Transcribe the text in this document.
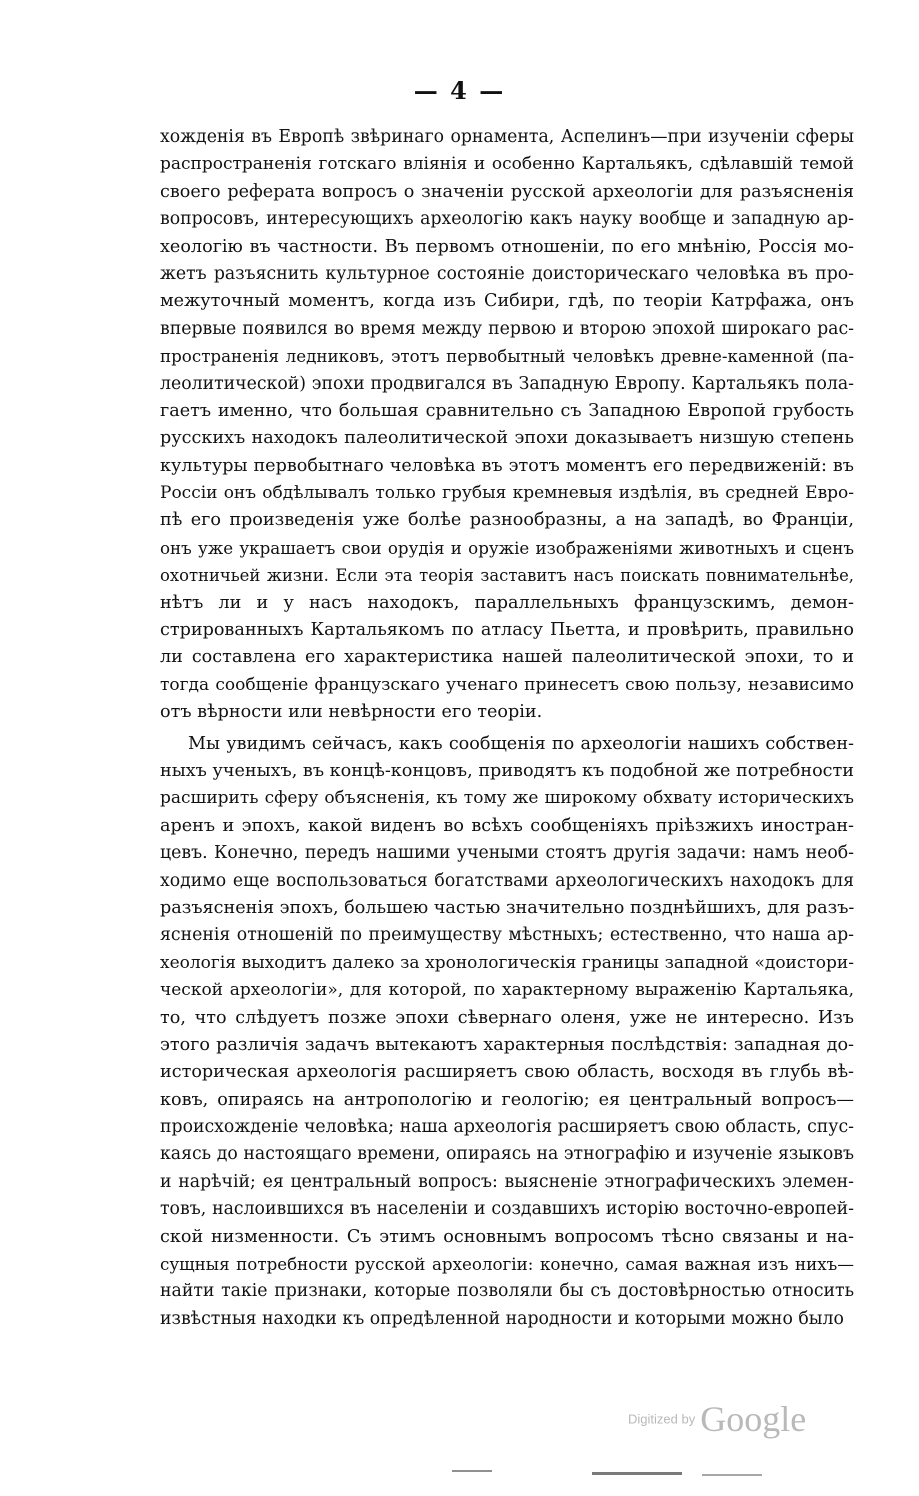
— 4 —

хожденія въ Европѣ звѣринаго орнамента, Аспелинъ—при изученіи сферы
распространенія готскаго вліянія и особенно Картальякъ, сдѣлавшій темой
своего реферата вопросъ о значеніи русской археологіи для разъясненія
вопросовъ, интересующихъ археологію какъ науку вообще и западную ар-
хеологію въ частности. Въ первомъ отношеніи, по его мнѣнію, Россія мо-
жетъ разъяснить культурное состояніе доисторическаго человѣка въ про-
межуточный моментъ, когда изъ Сибири, гдѣ, по теоріи Катрфажа, онъ
впервые появился во время между первою и второю эпохой широкаго рас-
пространенія ледниковъ, этотъ первобытный человѣкъ древне-каменной (па-
леолитической) эпохи продвигался въ Западную Европу. Картальякъ пола-
гаетъ именно, что большая сравнительно съ Западною Европой грубость
русскихъ находокъ палеолитической эпохи доказываетъ низшую степень
культуры первобытнаго человѣка въ этотъ моментъ его передвиженій: въ
Россіи онъ обдѣлывалъ только грубыя кремневыя издѣлія, въ средней Евро-
пѣ его произведенія уже болѣе разнообразны, а на западѣ, во Франціи,
онъ уже украшаетъ свои орудія и оружіе изображеніями животныхъ и сценъ
охотничьей жизни. Если эта теорія заставитъ насъ поискать повнимательнѣе,
нѣтъ ли и у насъ находокъ, параллельныхъ французскимъ, демон-
стрированныхъ Картальякомъ по атласу Пьетта, и провѣрить, правильно
ли составлена его характеристика нашей палеолитической эпохи, то и
тогда сообщеніе французскаго ученаго принесетъ свою пользу, независимо
отъ вѣрности или невѣрности его теоріи.

Мы увидимъ сейчасъ, какъ сообщенія по археологіи нашихъ собствен-
ныхъ ученыхъ, въ концѣ-концовъ, приводятъ къ подобной же потребности
расширить сферу объясненія, къ тому же широкому обхвату историческихъ
аренъ и эпохъ, какой виденъ во всѣхъ сообщеніяхъ пріѣзжихъ иностран-
цевъ. Конечно, передъ нашими учеными стоятъ другія задачи: намъ необ-
ходимо еще воспользоваться богатствами археологическихъ находокъ для
разъясненія эпохъ, большею частью значительно позднѣйшихъ, для разъ-
ясненія отношеній по преимуществу мѣстныхъ; естественно, что наша ар-
хеологія выходитъ далеко за хронологическія границы западной «доистори-
ческой археологіи», для которой, по характерному выраженію Картальяка,
то, что слѣдуетъ позже эпохи сѣвернаго оленя, уже не интересно. Изъ
этого различія задачъ вытекаютъ характерныя послѣдствія: западная до-
историческая археологія расширяетъ свою область, восходя въ глубь вѣ-
ковъ, опираясь на антропологію и геологію; ея центральный вопросъ—
происхожденіе человѣка; наша археологія расширяетъ свою область, спус-
каясь до настоящаго времени, опираясь на этнографію и изученіе языковъ
и нарѣчій; ея центральный вопросъ: выясненіе этнографическихъ элемен-
товъ, наслоившихся въ населеніи и создавшихъ исторію восточно-европей-
ской низменности. Съ этимъ основнымъ вопросомъ тѣсно связаны и на-
сущныя потребности русской археологіи: конечно, самая важная изъ нихъ—
найти такіе признаки, которые позволяли бы съ достовѣрностью относить
извѣстныя находки къ опредѣленной народности и которыми можно было

Digitized by Google
